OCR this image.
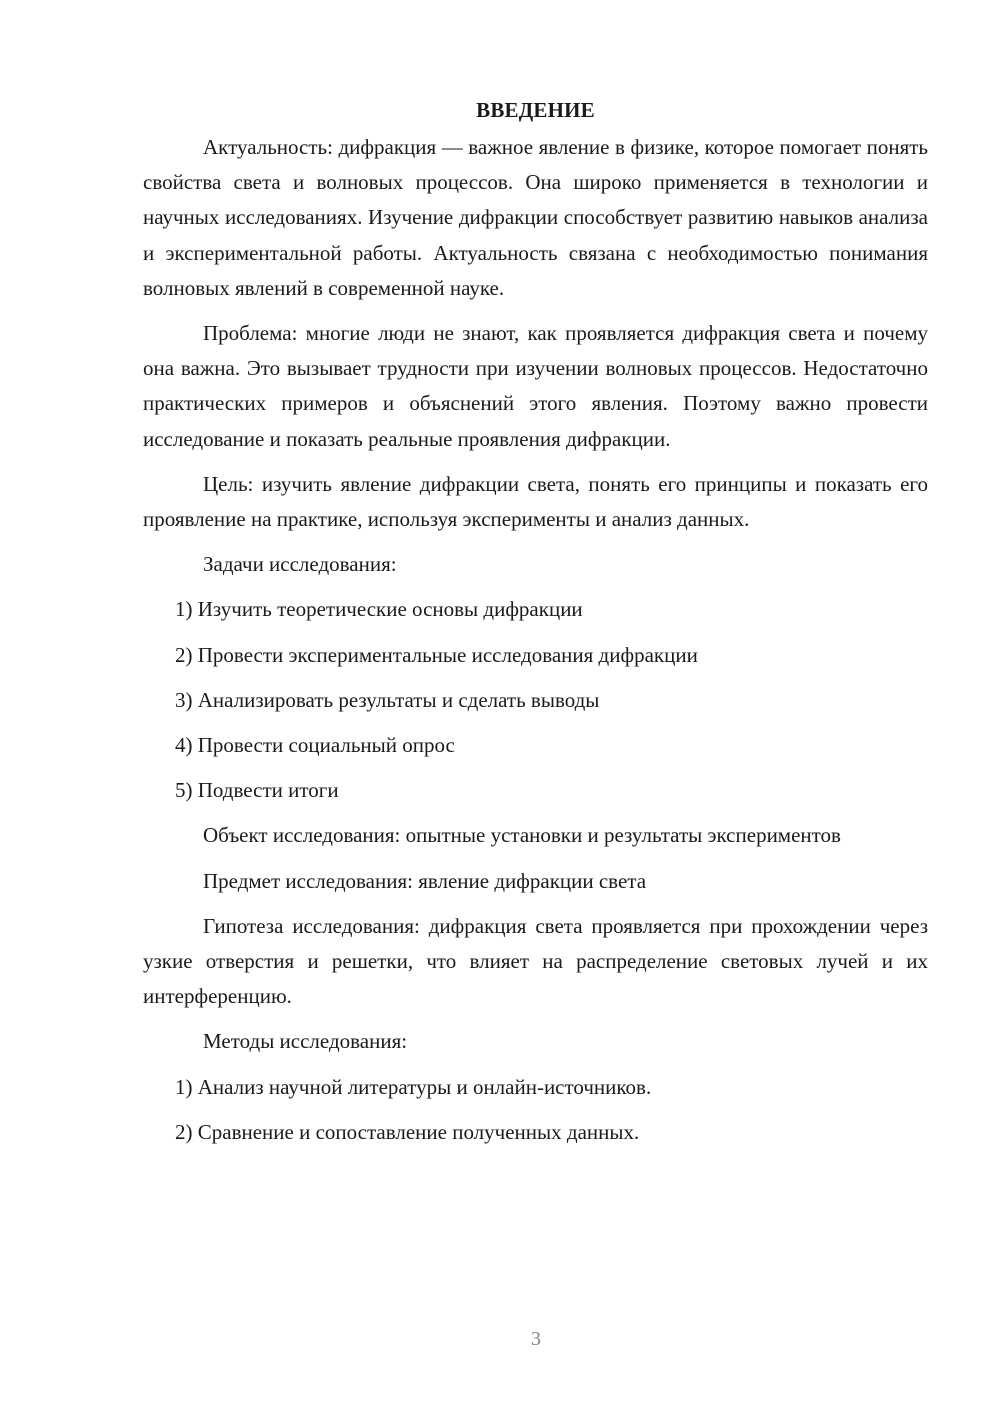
ВВЕДЕНИЕ

Актуальность: дифракция — важное явление в физике, которое помогает понять свойства света и волновых процессов. Она широко применяется в технологии и научных исследованиях. Изучение дифракции способствует развитию навыков анализа и экспериментальной работы. Актуальность связана с необходимостью понимания волновых явлений в современной науке.

Проблема: многие люди не знают, как проявляется дифракция света и почему она важна. Это вызывает трудности при изучении волновых процессов. Недостаточно практических примеров и объяснений этого явления. Поэтому важно провести исследование и показать реальные проявления дифракции.

Цель: изучить явление дифракции света, понять его принципы и показать его проявление на практике, используя эксперименты и анализ данных.

Задачи исследования:

1) Изучить теоретические основы дифракции

2) Провести экспериментальные исследования дифракции

3) Анализировать результаты и сделать выводы

4) Провести социальный опрос

5) Подвести итоги

Объект исследования: опытные установки и результаты экспериментов

Предмет исследования: явление дифракции света

Гипотеза исследования: дифракция света проявляется при прохождении через узкие отверстия и решетки, что влияет на распределение световых лучей и их интерференцию.

Методы исследования:

1) Анализ научной литературы и онлайн-источников.

2) Сравнение и сопоставление полученных данных.

3
